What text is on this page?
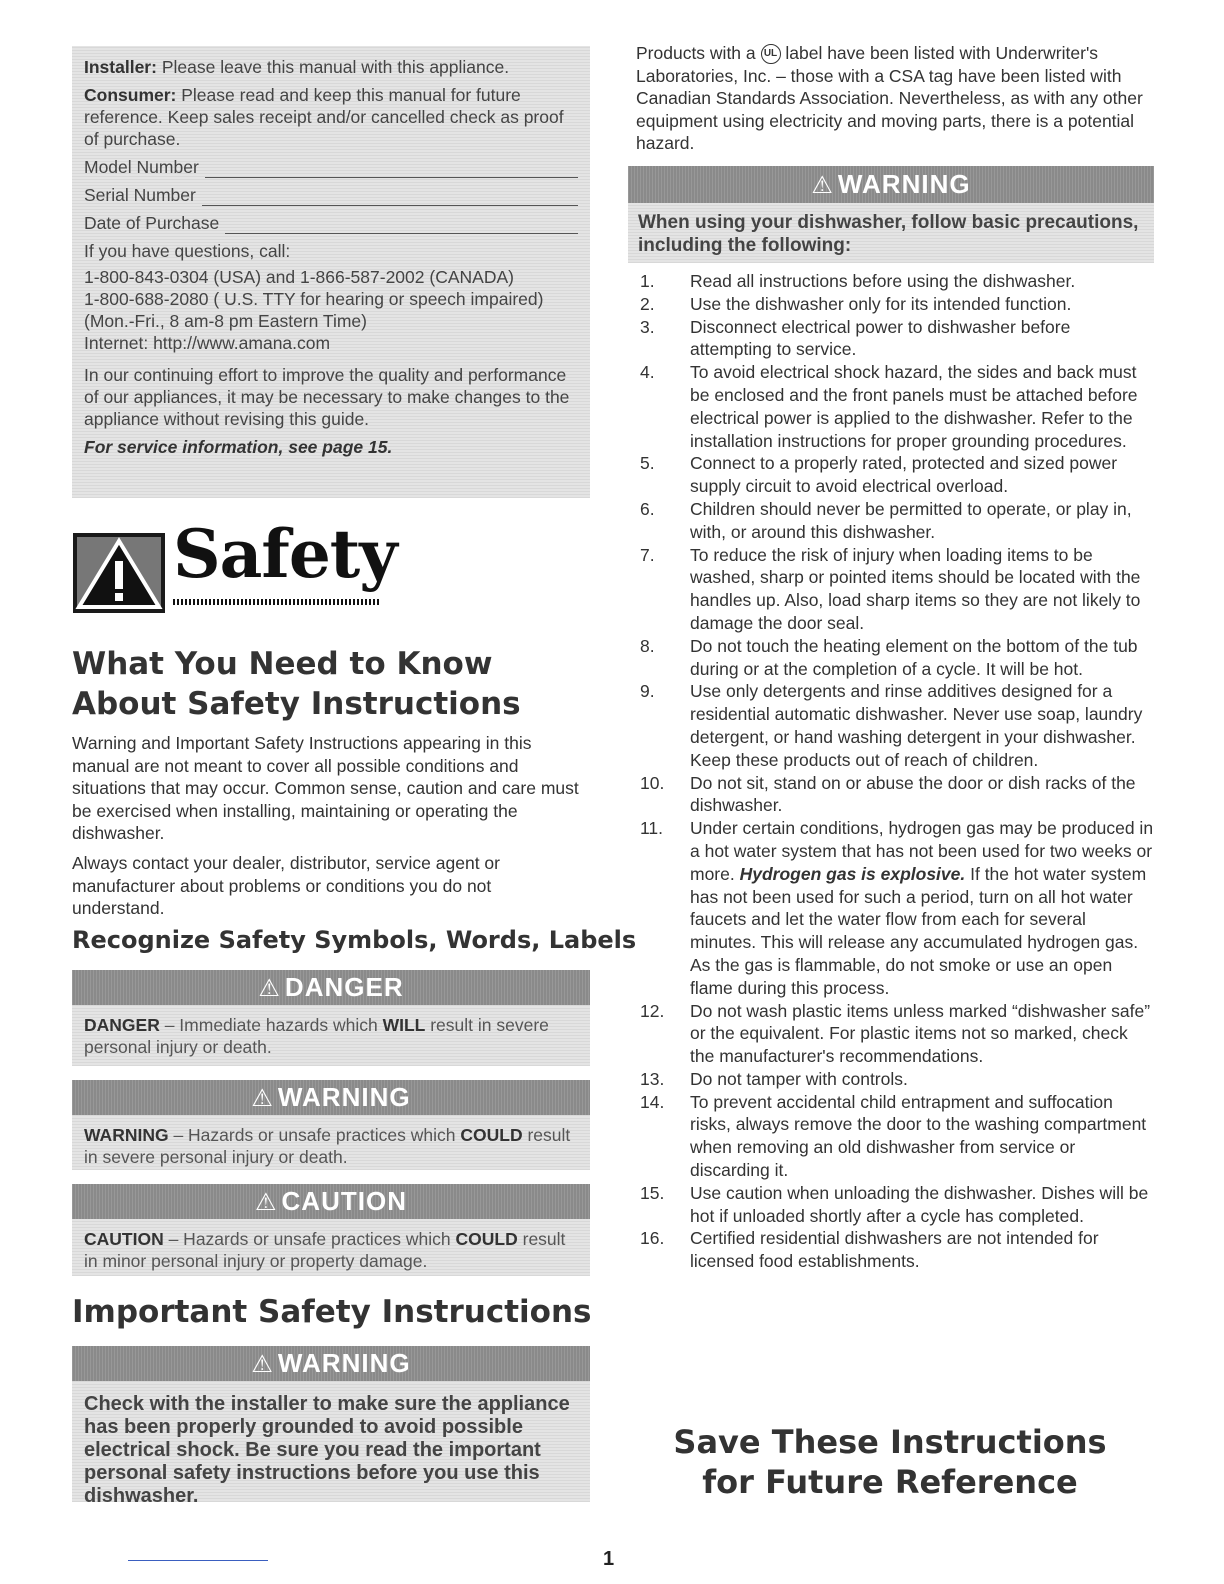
Installer: Please leave this manual with this appliance.

Consumer: Please read and keep this manual for future reference. Keep sales receipt and/or cancelled check as proof of purchase.

Model Number

Serial Number

Date of Purchase

If you have questions, call:

1-800-843-0304 (USA) and 1-866-587-2002 (CANADA)

1-800-688-2080 ( U.S. TTY for hearing or speech impaired) (Mon.-Fri., 8 am-8 pm Eastern Time)

Internet: http://www.amana.com

In our continuing effort to improve the quality and performance of our appliances, it may be necessary to make changes to the appliance without revising this guide.

For service information, see page 15.

Safety
What You Need to Know About Safety Instructions

Warning and Important Safety Instructions appearing in this manual are not meant to cover all possible conditions and situations that may occur. Common sense, caution and care must be exercised when installing, maintaining or operating the dishwasher.

Always contact your dealer, distributor, service agent or manufacturer about problems or conditions you do not understand.

Recognize Safety Symbols, Words, Labels
⚠ DANGER
DANGER – Immediate hazards which WILL result in severe personal injury or death.
⚠ WARNING
WARNING – Hazards or unsafe practices which COULD result in severe personal injury or death.
⚠ CAUTION
CAUTION – Hazards or unsafe practices which COULD result in minor personal injury or property damage.
Important Safety Instructions
⚠ WARNING
Check with the installer to make sure the appliance has been properly grounded to avoid possible electrical shock. Be sure you read the important personal safety instructions before you use this dishwasher.

Products with a UL label have been listed with Underwriter's Laboratories, Inc. – those with a CSA tag have been listed with Canadian Standards Association. Nevertheless, as with any other equipment using electricity and moving parts, there is a potential hazard.

⚠ WARNING
When using your dishwasher, follow basic precautions, including the following:
1.	Read all instructions before using the dishwasher.
2.	Use the dishwasher only for its intended function.
3.	Disconnect electrical power to dishwasher before attempting to service.
4.	To avoid electrical shock hazard, the sides and back must be enclosed and the front panels must be attached before electrical power is applied to the dishwasher. Refer to the installation instructions for proper grounding procedures.
5.	Connect to a properly rated, protected and sized power supply circuit to avoid electrical overload.
6.	Children should never be permitted to operate, or play in, with, or around this dishwasher.
7.	To reduce the risk of injury when loading items to be washed, sharp or pointed items should be located with the handles up. Also, load sharp items so they are not likely to damage the door seal.
8.	Do not touch the heating element on the bottom of the tub during or at the completion of a cycle. It will be hot.
9.	Use only detergents and rinse additives designed for a residential automatic dishwasher. Never use soap, laundry detergent, or hand washing detergent in your dishwasher. Keep these products out of reach of children.
10.	Do not sit, stand on or abuse the door or dish racks of the dishwasher.
11.	Under certain conditions, hydrogen gas may be produced in a hot water system that has not been used for two weeks or more. Hydrogen gas is explosive. If the hot water system has not been used for such a period, turn on all hot water faucets and let the water flow from each for several minutes. This will release any accumulated hydrogen gas. As the gas is flammable, do not smoke or use an open flame during this process.
12.	Do not wash plastic items unless marked “dishwasher safe” or the equivalent. For plastic items not so marked, check the manufacturer's recommendations.
13.	Do not tamper with controls.
14.	To prevent accidental child entrapment and suffocation risks, always remove the door to the washing compartment when removing an old dishwasher from service or discarding it.
15.	Use caution when unloading the dishwasher. Dishes will be hot if unloaded shortly after a cycle has completed.
16.	Certified residential dishwashers are not intended for licensed food establishments.
Save These Instructions
for Future Reference
1
